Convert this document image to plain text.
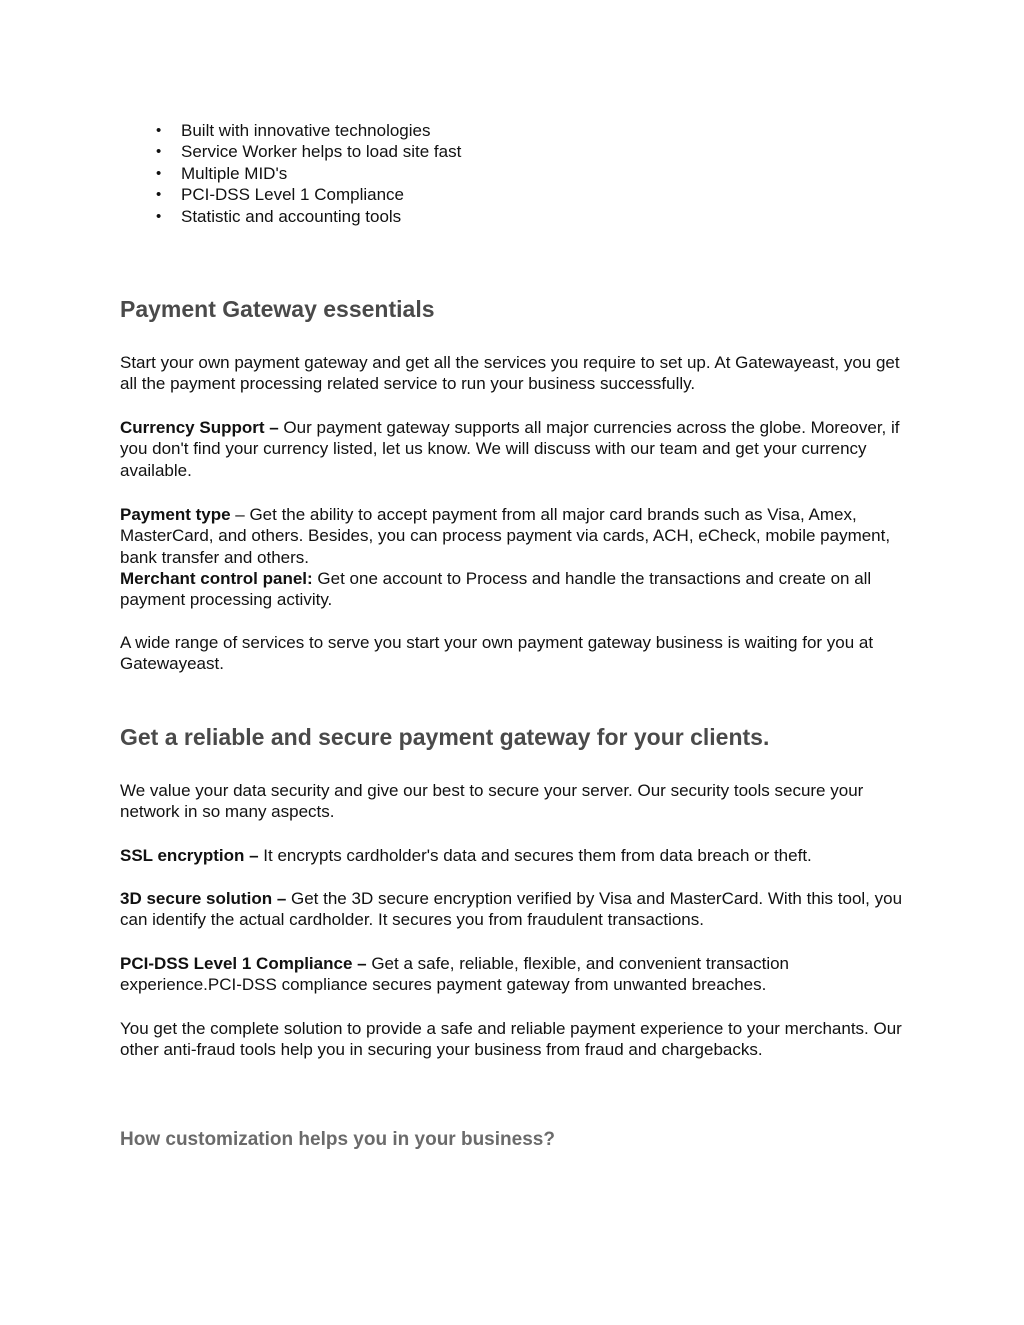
• Built with innovative technologies
• Service Worker helps to load site fast
• Multiple MID's
• PCI-DSS Level 1 Compliance
• Statistic and accounting tools
Payment Gateway essentials

Start your own payment gateway and get all the services you require to set up. At Gatewayeast, you get all the payment processing related service to run your business successfully.

Currency Support – Our payment gateway supports all major currencies across the globe. Moreover, if you don't find your currency listed, let us know. We will discuss with our team and get your currency available.

Payment type – Get the ability to accept payment from all major card brands such as Visa, Amex, MasterCard, and others. Besides, you can process payment via cards, ACH, eCheck, mobile payment, bank transfer and others.

Merchant control panel: Get one account to Process and handle the transactions and create on all payment processing activity.

A wide range of services to serve you start your own payment gateway business is waiting for you at Gatewayeast.

Get a reliable and secure payment gateway for your clients.

We value your data security and give our best to secure your server. Our security tools secure your network in so many aspects.

SSL encryption – It encrypts cardholder's data and secures them from data breach or theft.

3D secure solution – Get the 3D secure encryption verified by Visa and MasterCard. With this tool, you can identify the actual cardholder. It secures you from fraudulent transactions.

PCI-DSS Level 1 Compliance – Get a safe, reliable, flexible, and convenient transaction experience.PCI-DSS compliance secures payment gateway from unwanted breaches.

You get the complete solution to provide a safe and reliable payment experience to your merchants. Our other anti-fraud tools help you in securing your business from fraud and chargebacks.

How customization helps you in your business?
